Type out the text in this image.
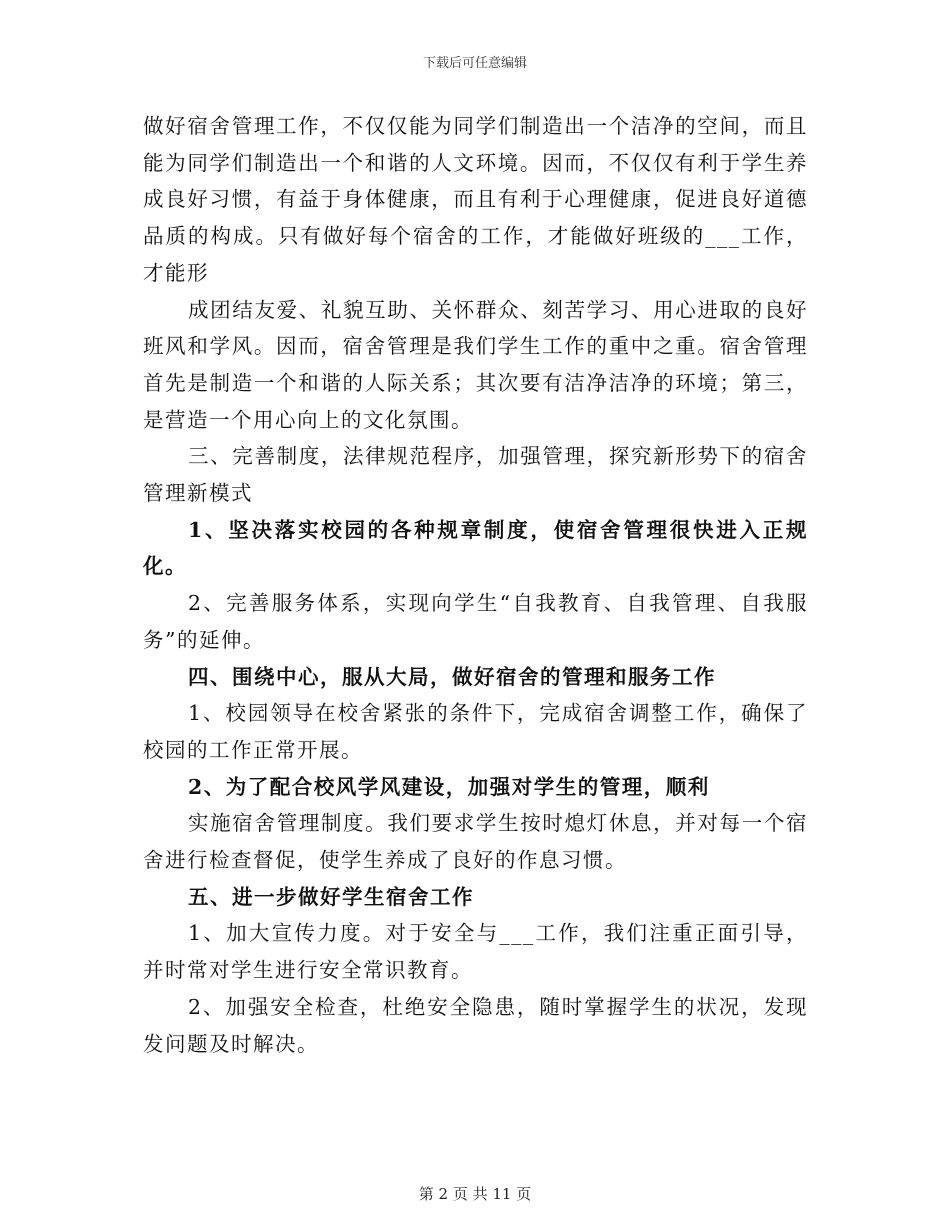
下载后可任意编辑

做好宿舍管理工作，不仅仅能为同学们制造出一个洁净的空间，而且能为同学们制造出一个和谐的人文环境。因而，不仅仅有利于学生养成良好习惯，有益于身体健康，而且有利于心理健康，促进良好道德品质的构成。只有做好每个宿舍的工作，才能做好班级的___工作，才能形

成团结友爱、礼貌互助、关怀群众、刻苦学习、用心进取的良好班风和学风。因而，宿舍管理是我们学生工作的重中之重。宿舍管理首先是制造一个和谐的人际关系；其次要有洁净洁净的环境；第三，是营造一个用心向上的文化氛围。

三、完善制度，法律规范程序，加强管理，探究新形势下的宿舍管理新模式

1、坚决落实校园的各种规章制度，使宿舍管理很快进入正规化。

2、完善服务体系，实现向学生“自我教育、自我管理、自我服务”的延伸。

四、围绕中心，服从大局，做好宿舍的管理和服务工作

1、校园领导在校舍紧张的条件下，完成宿舍调整工作，确保了校园的工作正常开展。

2、为了配合校风学风建设，加强对学生的管理，顺利

实施宿舍管理制度。我们要求学生按时熄灯休息，并对每一个宿舍进行检查督促，使学生养成了良好的作息习惯。

五、进一步做好学生宿舍工作

1、加大宣传力度。对于安全与___工作，我们注重正面引导，并时常对学生进行安全常识教育。

2、加强安全检查，杜绝安全隐患，随时掌握学生的状况，发现发问题及时解决。

第 2 页 共 11 页
